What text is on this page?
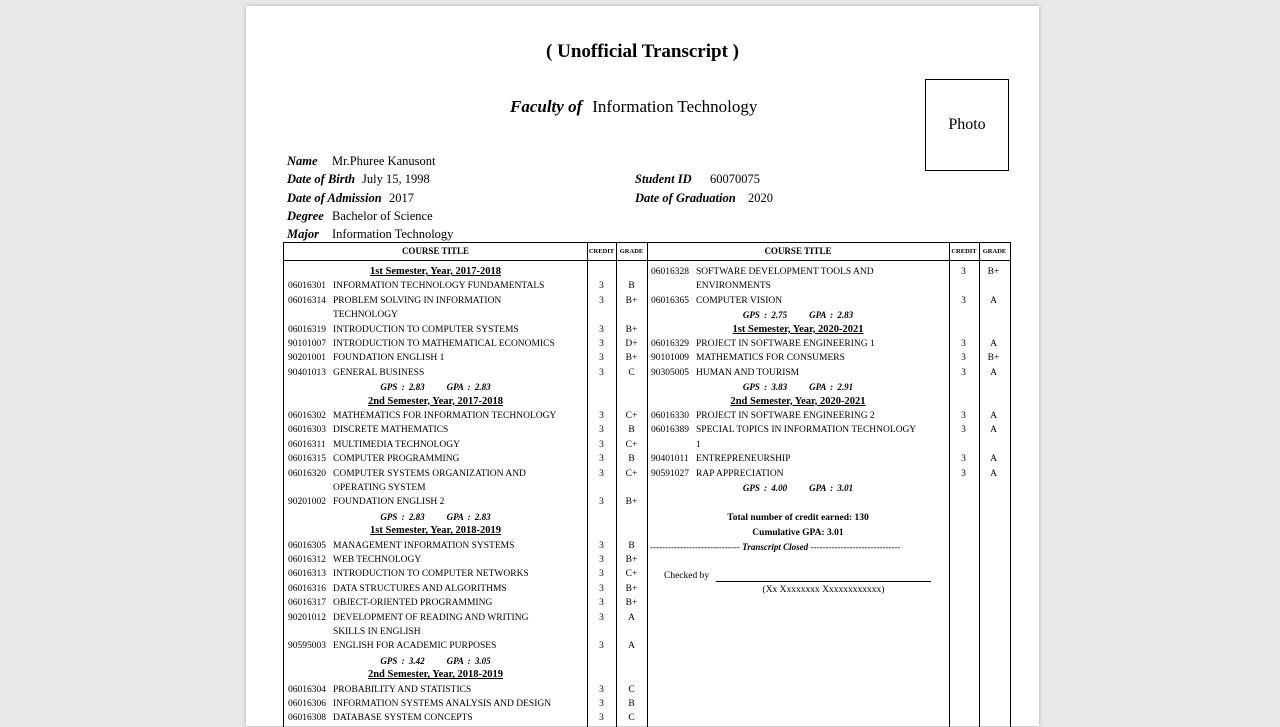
( Unofficial Transcript )
Faculty of Information Technology
Photo
Name Mr.Phuree Kanusont
Date of Birth July 15, 1998	Student ID 60070075
Date of Admission 2017	Date of Graduation 2020
Degree Bachelor of Science
Major Information Technology
COURSE TITLE	CREDIT GRADE	COURSE TITLE	CREDIT GRADE
1st Semester, Year, 2017-2018
06016301 INFORMATION TECHNOLOGY FUNDAMENTALS	3	B
06016314 PROBLEM SOLVING IN INFORMATION	3	B+
TECHNOLOGY
06016319 INTRODUCTION TO COMPUTER SYSTEMS	3	B+
90101007 INTRODUCTION TO MATHEMATICAL ECONOMICS	3	D+
90201001 FOUNDATION ENGLISH 1	3	B+
90401013 GENERAL BUSINESS	3	C
GPS : 2.83 GPA : 2.83
2nd Semester, Year, 2017-2018
06016302 MATHEMATICS FOR INFORMATION TECHNOLOGY	3	C+
06016303 DISCRETE MATHEMATICS	3	B
06016311 MULTIMEDIA TECHNOLOGY	3	C+
06016315 COMPUTER PROGRAMMING	3	B
06016320 COMPUTER SYSTEMS ORGANIZATION AND	3	C+
OPERATING SYSTEM
90201002 FOUNDATION ENGLISH 2	3	B+
GPS : 2.83 GPA : 2.83
1st Semester, Year, 2018-2019
06016305 MANAGEMENT INFORMATION SYSTEMS	3	B
06016312 WEB TECHNOLOGY	3	B+
06016313 INTRODUCTION TO COMPUTER NETWORKS	3	C+
06016316 DATA STRUCTURES AND ALGORITHMS	3	B+
06016317 OBJECT-ORIENTED PROGRAMMING	3	B+
90201012 DEVELOPMENT OF READING AND WRITING	3	A
SKILLS IN ENGLISH
90595003 ENGLISH FOR ACADEMIC PURPOSES	3	A
GPS : 3.42 GPA : 3.05
2nd Semester, Year, 2018-2019
06016304 PROBABILITY AND STATISTICS	3	C
06016306 INFORMATION SYSTEMS ANALYSIS AND DESIGN	3	B
06016308 DATABASE SYSTEM CONCEPTS	3	C
06016328 SOFTWARE DEVELOPMENT TOOLS AND	3	B+
ENVIRONMENTS
06016365 COMPUTER VISION	3	A
GPS : 2.75 GPA : 2.83
1st Semester, Year, 2020-2021
06016329 PROJECT IN SOFTWARE ENGINEERING 1	3	A
90101009 MATHEMATICS FOR CONSUMERS	3	B+
90305005 HUMAN AND TOURISM	3	A
GPS : 3.83 GPA : 2.91
2nd Semester, Year, 2020-2021
06016330 PROJECT IN SOFTWARE ENGINEERING 2	3	A
06016389 SPECIAL TOPICS IN INFORMATION TECHNOLOGY	3	A
1
90401011 ENTREPRENEURSHIP	3	A
90591027 RAP APPRECIATION	3	A
GPS : 4.00 GPA : 3.01
Total number of credit earned: 130
Cumulative GPA: 3.01
------------------------------ Transcript Closed ------------------------------
Checked by
(Xx Xxxxxxxx Xxxxxxxxxxxx)
